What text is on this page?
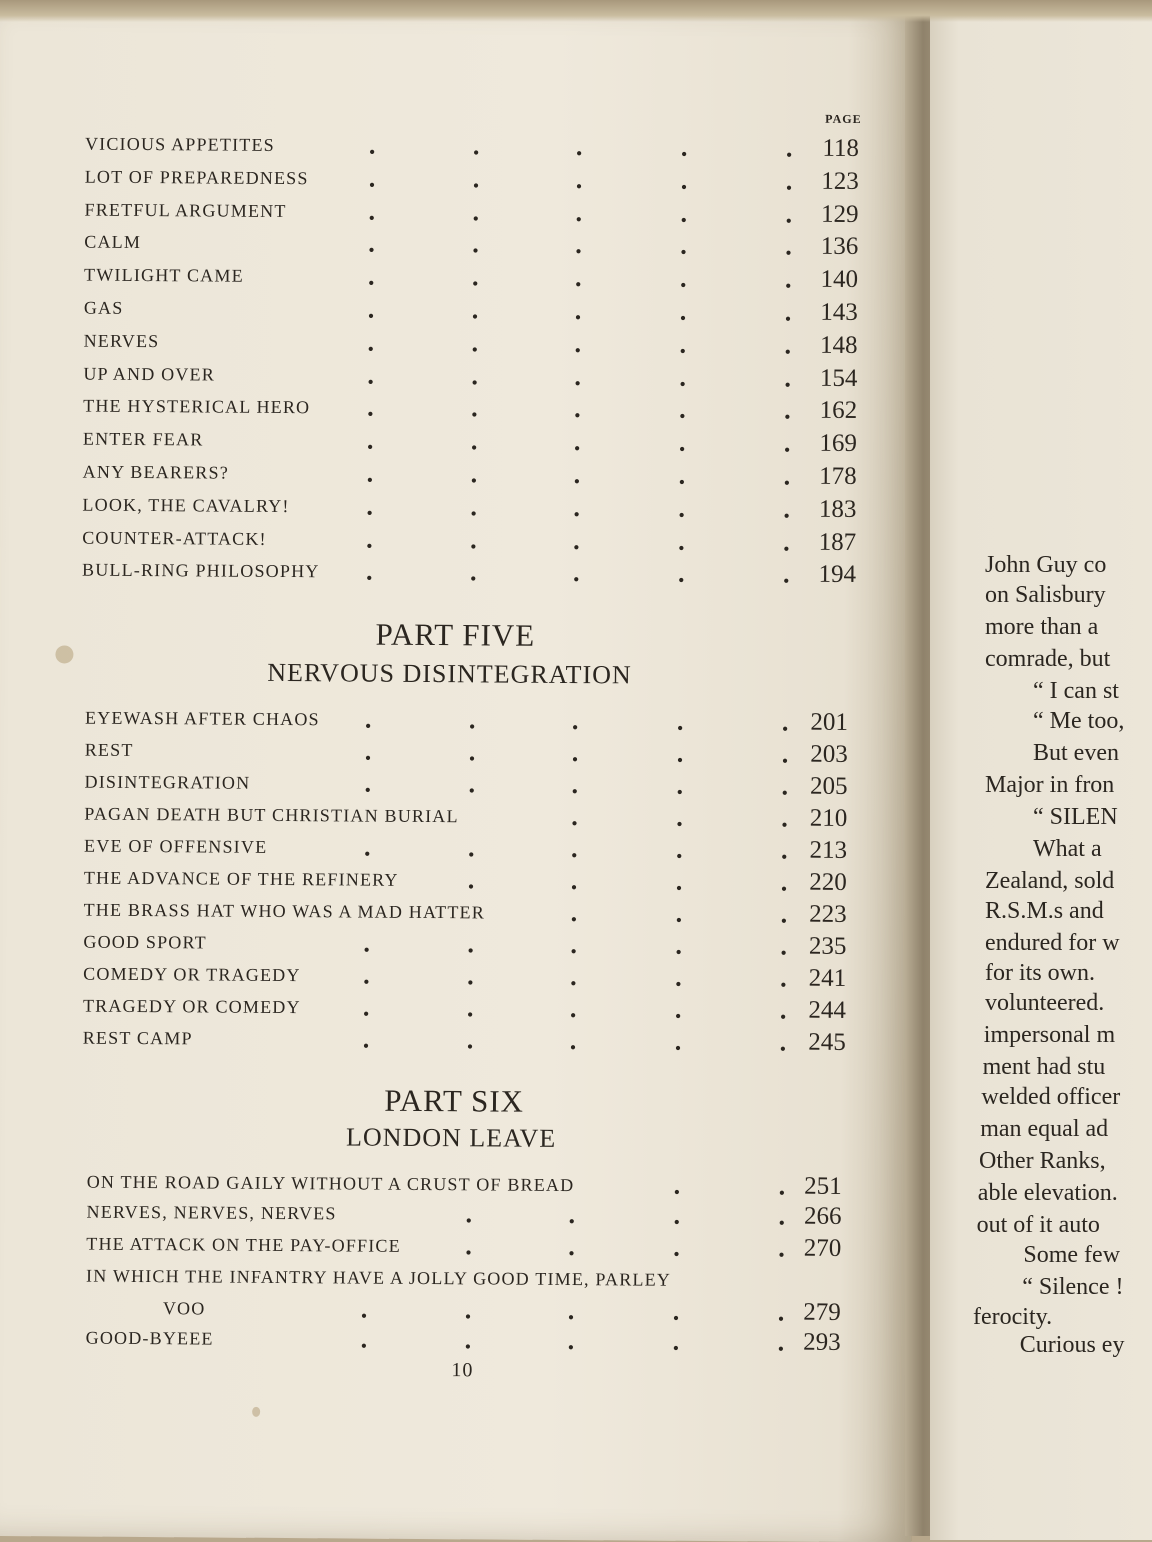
PAGE
VICIOUS APPETITES	.	.	.	.	. 118
LOT OF PREPAREDNESS .	.	.	.	. 123
FRETFUL ARGUMENT	.	.	.	.	. 129
CALM	.	.	.	.	. 136
TWILIGHT CAME	.	.	.	.	. 140
GAS	.	.	.	.	. 143
NERVES	.	.	.	.	. 148
UP AND OVER	.	.	.	.	. 154
THE HYSTERICAL HERO .	.	.	.	. 162
ENTER FEAR	.	.	.	.	. 169
ANY BEARERS?	.	.	.	.	. 178
LOOK, THE CAVALRY!	.	.	.	.	. 183
COUNTER-ATTACK!	.	.	.	.	. 187
BULL-RING PHILOSOPHY .	.	.	.	. 194
EYEWASH AFTER CHAOS .	.	.	.	. 201
REST	.	.	.	.	. 203
DISINTEGRATION	.	.	.	.	. 205
PAGAN DEATH BUT CHRISTIAN BURIAL	.	.	. 210
EVE OF OFFENSIVE	.	.	.	.	. 213
THE ADVANCE OF THE REFINERY	.	.	.	. 220
THE BRASS HAT WHO WAS A MAD HATTER	.	.	. 223
GOOD SPORT	.	.	.	.	. 235
COMEDY OR TRAGEDY .	.	.	.	. 241
TRAGEDY OR COMEDY .	.	.	.	. 244
REST CAMP	.	.	.	.	. 245
ON THE ROAD GAILY WITHOUT A CRUST OF BREAD	.	. 251
NERVES, NERVES, NERVES	.	.	.	. 266
THE ATTACK ON THE PAY-OFFICE .	.	.	. 270
IN WHICH THE INFANTRY HAVE A JOLLY GOOD TIME, PARLEY
VOO	.	.	.	.	. 279
GOOD-BYEEE	.	.	.	.	. 293
PART FIVE
NERVOUS DISINTEGRATION
PART SIX
LONDON LEAVE
10
John Guy co
on Salisbury
more than a
comrade, but
“ I can st
“ Me too,
But even
Major in fron
“ SILEN
What a
Zealand, sold
R.S.M.s and
endured for w
for its own.
volunteered.
impersonal m
ment had stu
welded officer
man equal ad
Other Ranks,
able elevation.
out of it auto
Some few
“ Silence !
ferocity.
Curious ey
